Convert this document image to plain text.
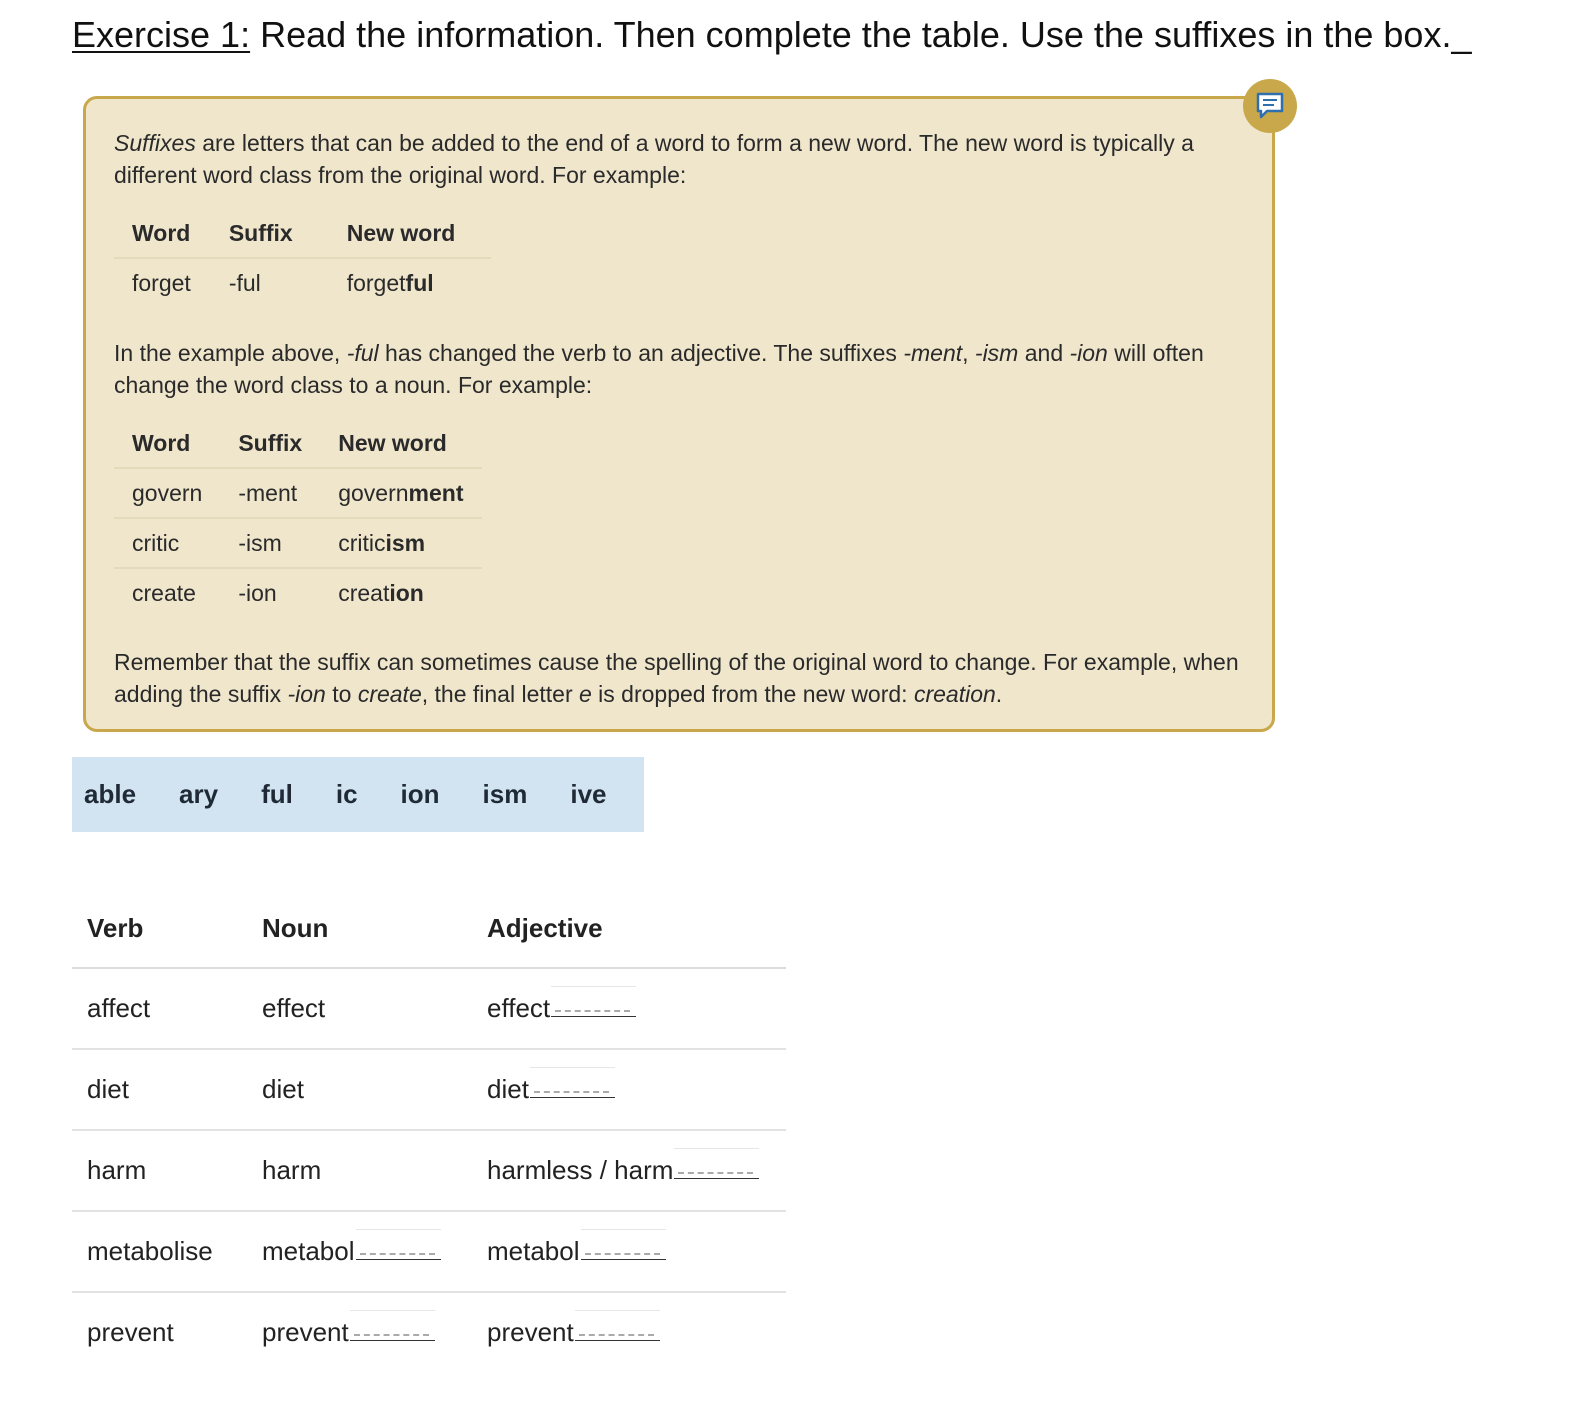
Exercise 1: Read the information. Then complete the table. Use the suffixes in the box._
Suffixes are letters that can be added to the end of a word to form a new word. The new word is typically a different word class from the original word. For example:
Word	Suffix	New word
forget	-ful	forgetful
In the example above, -ful has changed the verb to an adjective. The suffixes -ment, -ism and -ion will often change the word class to a noun. For example:
Word	Suffix	New word
govern	-ment	government
critic	-ism	criticism
create	-ion	creation
Remember that the suffix can sometimes cause the spelling of the original word to change. For example, when adding the suffix -ion to create, the final letter e is dropped from the new word: creation.
able ary ful ic ion ism ive
Verb	Noun	Adjective
affect	effect	effect
diet	diet	diet
harm	harm	harmless / harm
metabolise	metabol	metabol
prevent	prevent	prevent
